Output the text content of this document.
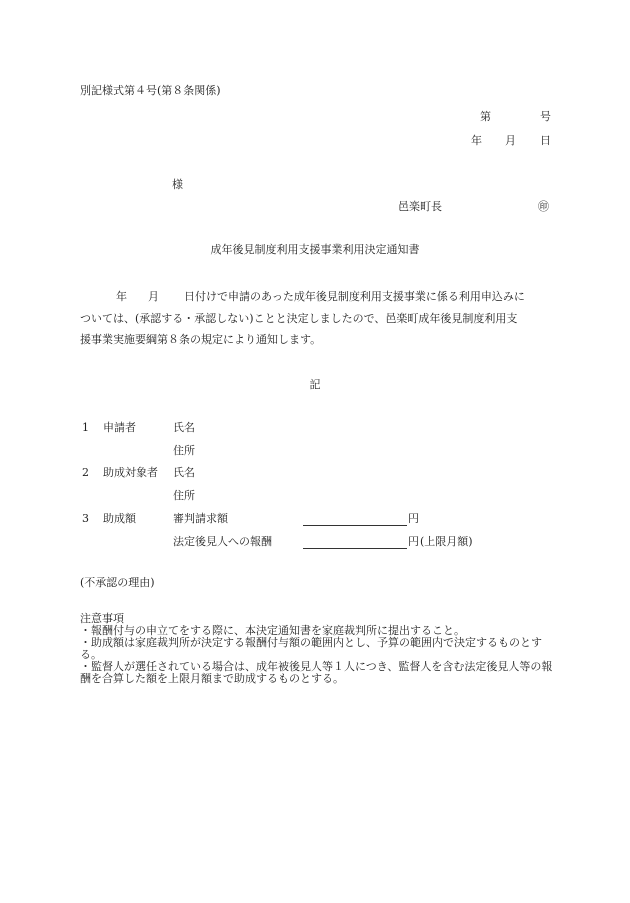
別記様式第４号(第８条関係)
第	号
年 月 日
様
邑楽町長	㊞
成年後見制度利用支援事業利用決定通知書
年 月 日付けで申請のあった成年後見制度利用支援事業に係る利用申込みに
ついては、(承認する・承認しない)ことと決定しましたので、邑楽町成年後見制度利用支
援事業実施要綱第８条の規定により通知します。
記
1 申請者	氏名
住所
2 助成対象者 氏名
住所
3 助成額	審判請求額	円
法定後見人への報酬	円 (上限月額)
(不承認の理由)
注意事項
・報酬付与の申立てをする際に、本決定通知書を家庭裁判所に提出すること。
・助成額は家庭裁判所が決定する報酬付与額の範囲内とし、予算の範囲内で決定するものとする。
・監督人が選任されている場合は、成年被後見人等１人につき、監督人を含む法定後見人等の報酬を合算した額を上限月額まで助成するものとする。
